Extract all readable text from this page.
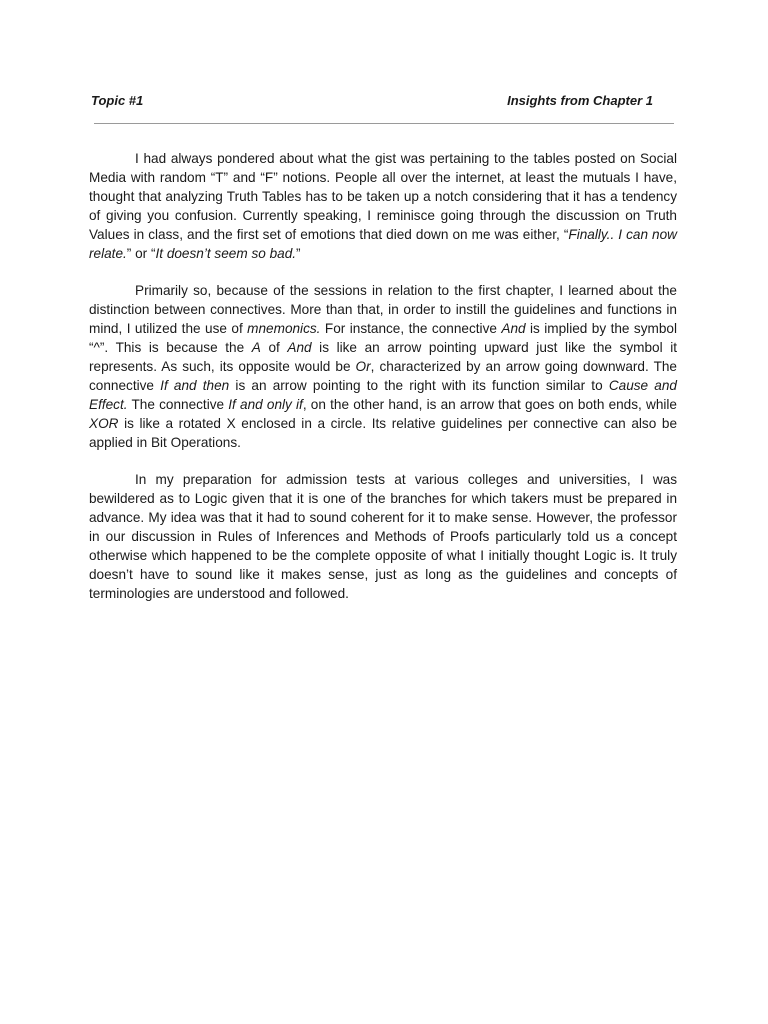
Topic #1	Insights from Chapter 1

I had always pondered about what the gist was pertaining to the tables posted on Social Media with random “T” and “F” notions. People all over the internet, at least the mutuals I have, thought that analyzing Truth Tables has to be taken up a notch considering that it has a tendency of giving you confusion. Currently speaking, I reminisce going through the discussion on Truth Values in class, and the first set of emotions that died down on me was either, “Finally.. I can now relate.” or “It doesn’t seem so bad.”

Primarily so, because of the sessions in relation to the first chapter, I learned about the distinction between connectives. More than that, in order to instill the guidelines and functions in mind, I utilized the use of mnemonics. For instance, the connective And is implied by the symbol “^”. This is because the A of And is like an arrow pointing upward just like the symbol it represents. As such, its opposite would be Or, characterized by an arrow going downward. The connective If and then is an arrow pointing to the right with its function similar to Cause and Effect. The connective If and only if, on the other hand, is an arrow that goes on both ends, while XOR is like a rotated X enclosed in a circle. Its relative guidelines per connective can also be applied in Bit Operations.

In my preparation for admission tests at various colleges and universities, I was bewildered as to Logic given that it is one of the branches for which takers must be prepared in advance. My idea was that it had to sound coherent for it to make sense. However, the professor in our discussion in Rules of Inferences and Methods of Proofs particularly told us a concept otherwise which happened to be the complete opposite of what I initially thought Logic is. It truly doesn’t have to sound like it makes sense, just as long as the guidelines and concepts of terminologies are understood and followed.
